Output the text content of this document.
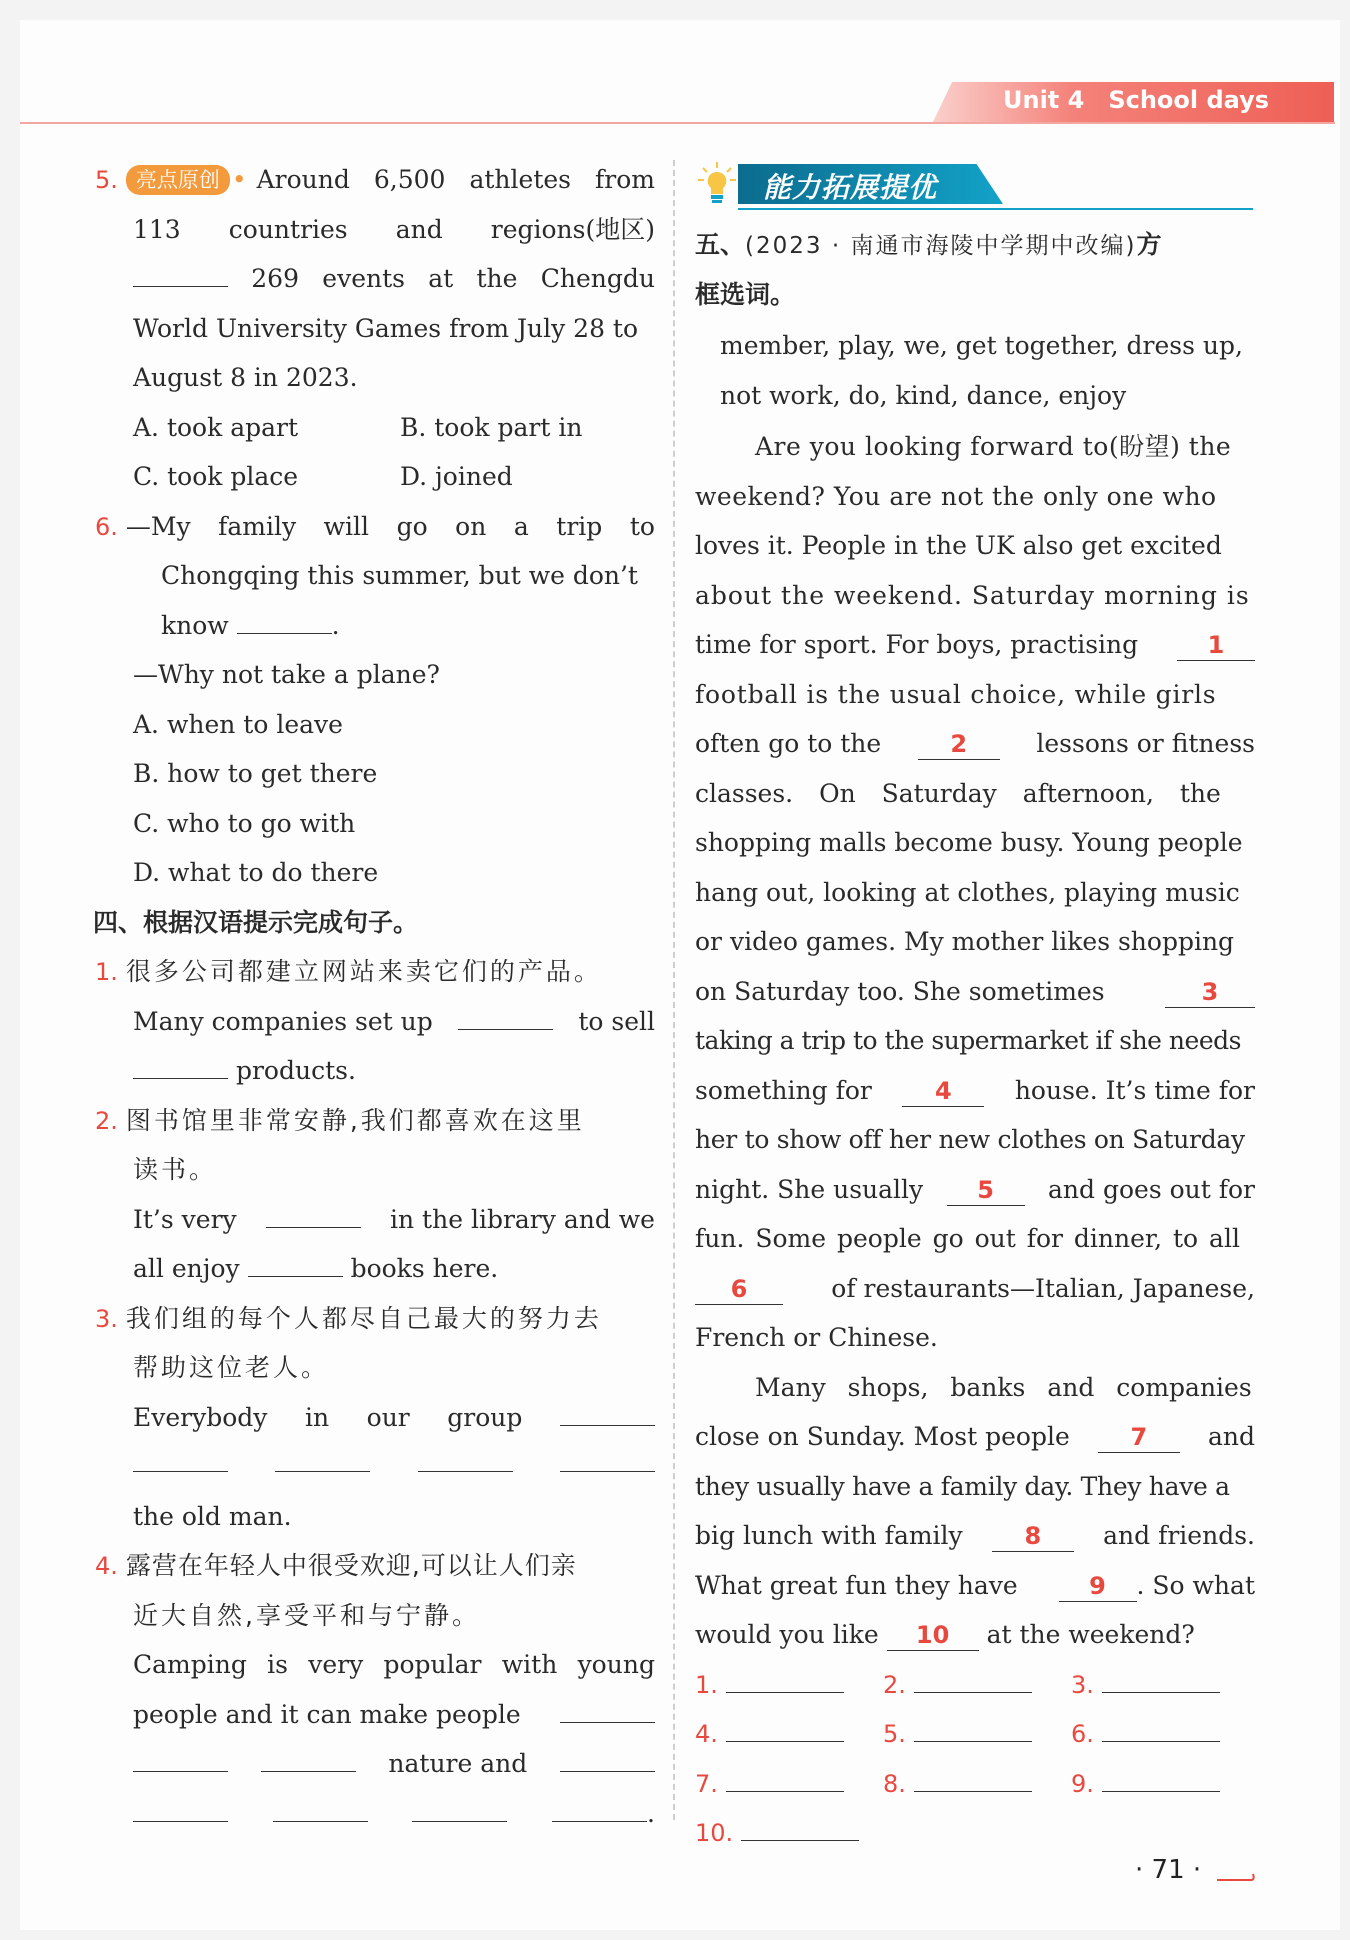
Unit 4 School days
5. 亮点原创 • Around 6,500 athletes from
113 countries and regions(地区)
269 events at the Chengdu
World University Games from July 28 to
August 8 in 2023.
A. took apart	B. took part in
C. took place	D. joined
6. —My family will go on a trip to
Chongqing this summer, but we don’t
know	.
—Why not take a plane?
A. when to leave
B. how to get there
C. who to go with
D. what to do there
四、根据汉语提示完成句子。
1. 很多公司都建立网站来卖它们的产品。
Many companies set up	to sell
products.
2. 图书馆里非常安静,我们都喜欢在这里
读书。
It’s very	in the library and we
all enjoy	books here.
3. 我们组的每个人都尽自己最大的努力去
帮助这位老人。
Everybody in our group
the old man.
4. 露营在年轻人中很受欢迎,可以让人们亲
近大自然,享受平和与宁静。
Camping is very popular with young
people and it can make people
nature and
.
能力拓展提优
五、(2023 · 南通市海陵中学期中改编)方
框选词。
member, play, we, get together, dress up,
not work, do, kind, dance, enjoy
Are you looking forward to(盼望) the
weekend? You are not the only one who
loves it. People in the UK also get excited
about the weekend. Saturday morning is
time for sport. For boys, practising	1
football is the usual choice, while girls
often go to the	2	lessons or fitness
classes. On Saturday afternoon, the
shopping malls become busy. Young people
hang out, looking at clothes, playing music
or video games. My mother likes shopping
on Saturday too. She sometimes	3
taking a trip to the supermarket if she needs
something for	4	house. It’s time for
her to show off her new clothes on Saturday
night. She usually	5	and goes out for
fun. Some people go out for dinner, to all
6	of restaurants—Italian, Japanese,
French or Chinese.
Many shops, banks and companies
close on Sunday. Most people	7	and
they usually have a family day. They have a
big lunch with family	8	and friends.
What great fun they have	9 . So what
would you like 10 at the weekend?
1.	2.	3.
4.	5.	6.
7.	8.	9.
10.
· 71 ·
